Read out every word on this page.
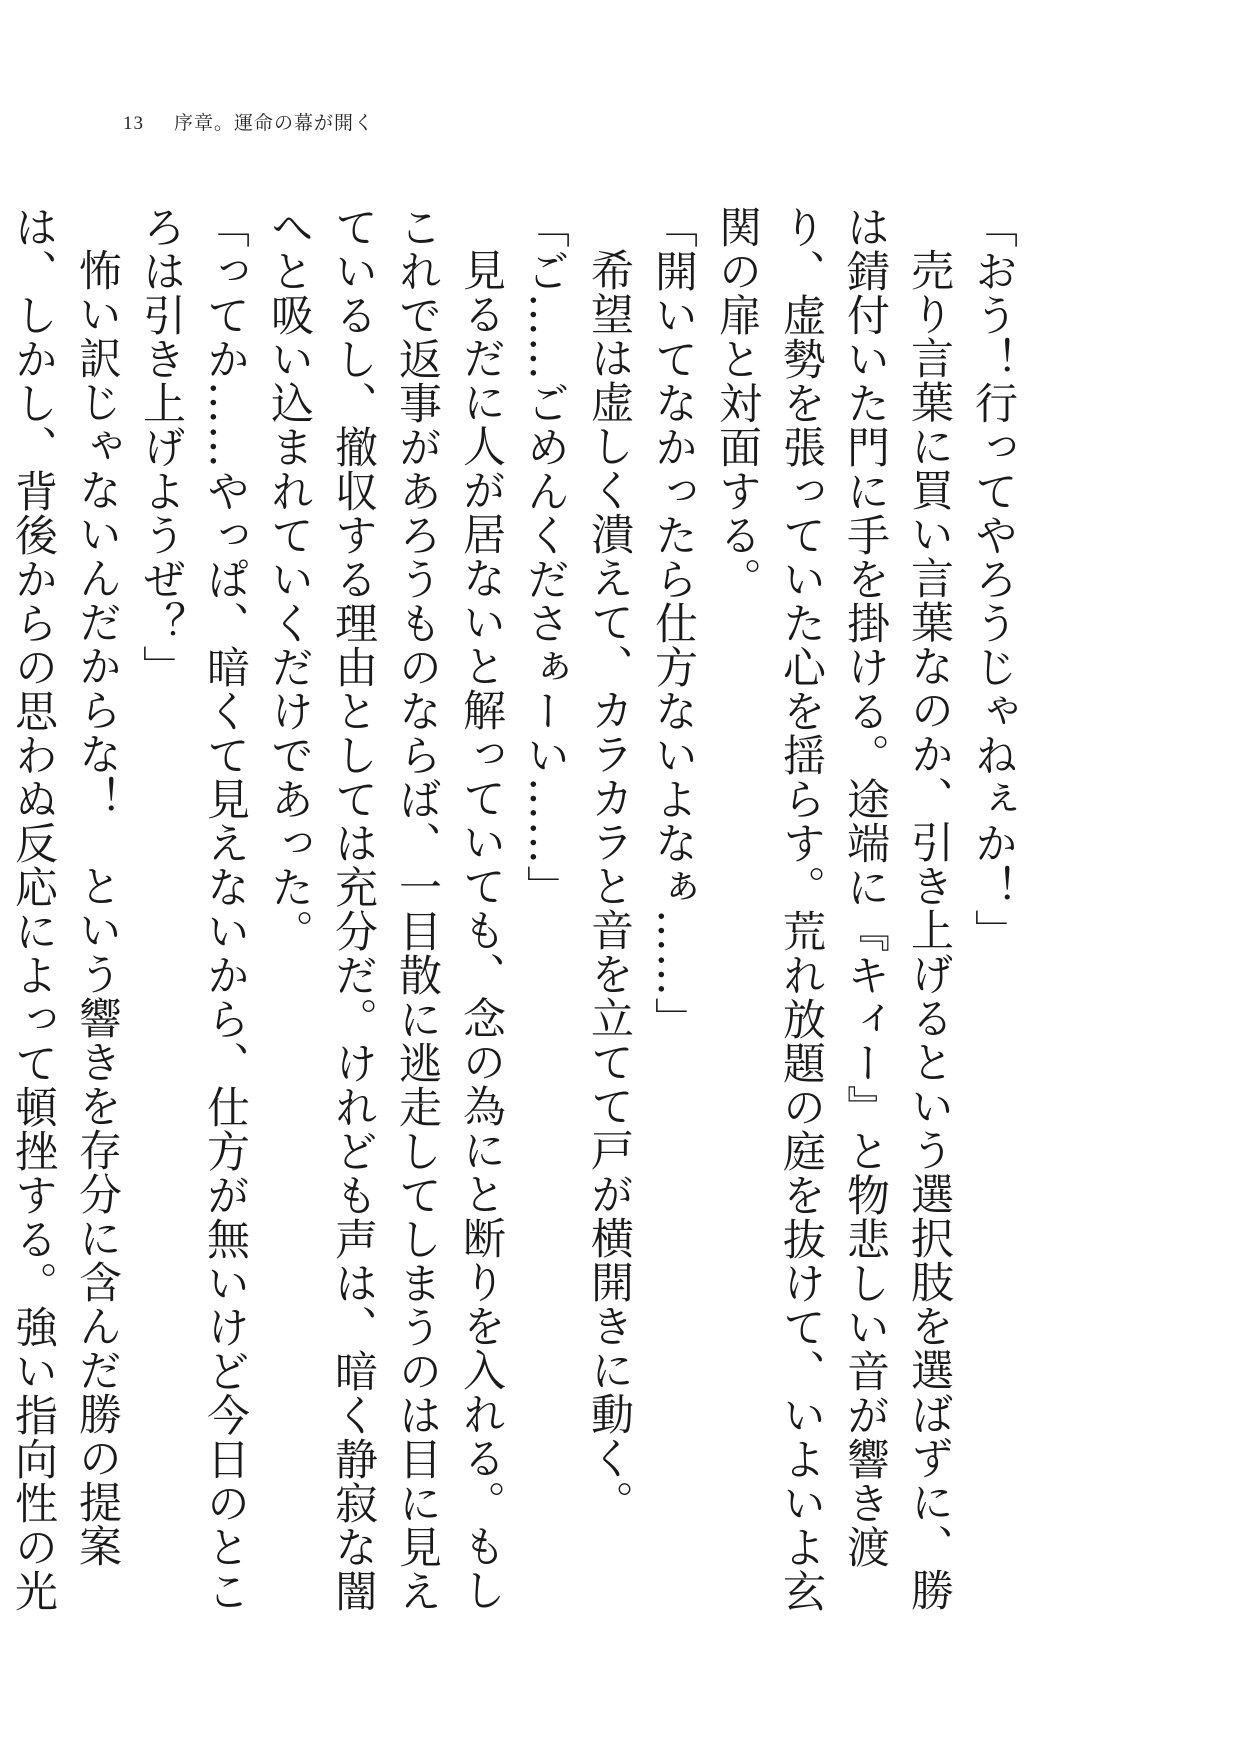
13 序章。運命の幕が開く

「おう！行ってやろうじゃねぇか！」

売り言葉に買い言葉なのか、引き上げるという選択肢を選ばずに、勝は錆付いた門に手を掛ける。途端に『キィー』と物悲しい音が響き渡り、虚勢を張っていた心を揺らす。荒れ放題の庭を抜けて、いよいよ玄関の扉と対面する。

「開いてなかったら仕方ないよなぁ……」

希望は虚しく潰えて、カラカラと音を立てて戸が横開きに動く。

「ご……ごめんくださぁーい……」

見るだに人が居ないと解っていても、念の為にと断りを入れる。もしこれで返事があろうものならば、一目散に逃走してしまうのは目に見えているし、撤収する理由としては充分だ。けれども声は、暗く静寂な闇へと吸い込まれていくだけであった。

「ってか……やっぱ、暗くて見えないから、仕方が無いけど今日のところは引き上げようぜ？」

怖い訳じゃないんだからな！　という響きを存分に含んだ勝の提案は、しかし、背後からの思わぬ反応によって頓挫する。強い指向性の光
